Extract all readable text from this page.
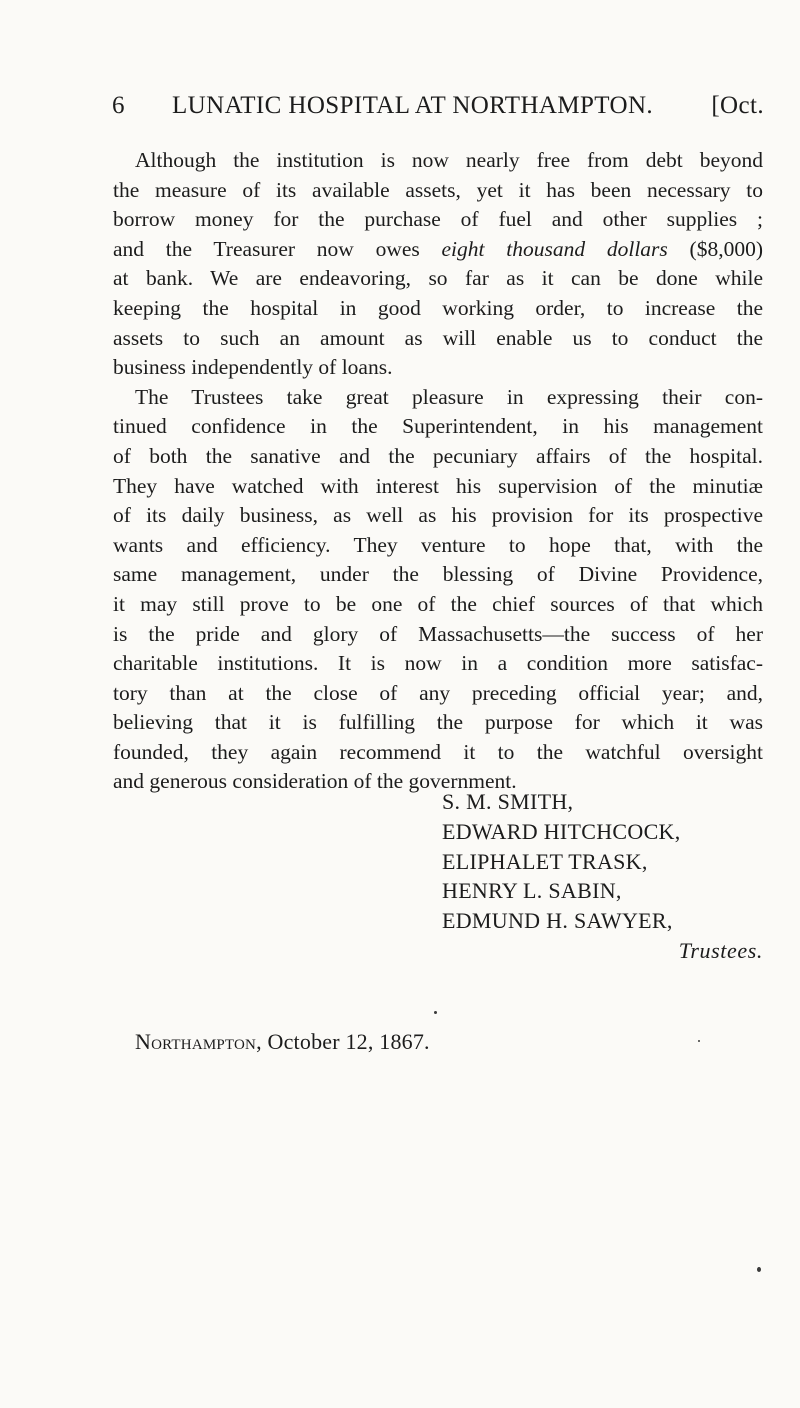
6 LUNATIC HOSPITAL AT NORTHAMPTON. [Oct.
Although the institution is now nearly free from debt beyond
the measure of its available assets, yet it has been necessary to
borrow money for the purchase of fuel and other supplies ;
and the Treasurer now owes eight thousand dollars ($8,000)
at bank. We are endeavoring, so far as it can be done while
keeping the hospital in good working order, to increase the
assets to such an amount as will enable us to conduct the
business independently of loans.
The Trustees take great pleasure in expressing their con-
tinued confidence in the Superintendent, in his management
of both the sanative and the pecuniary affairs of the hospital.
They have watched with interest his supervision of the minutiæ
of its daily business, as well as his provision for its prospective
wants and efficiency. They venture to hope that, with the
same management, under the blessing of Divine Providence,
it may still prove to be one of the chief sources of that which
is the pride and glory of Massachusetts—the success of her
charitable institutions. It is now in a condition more satisfac-
tory than at the close of any preceding official year; and,
believing that it is fulfilling the purpose for which it was
founded, they again recommend it to the watchful oversight
and generous consideration of the government.
S. M. SMITH,
EDWARD HITCHCOCK,
ELIPHALET TRASK,
HENRY L. SABIN,
EDMUND H. SAWYER,
Trustees.
Northampton, October 12, 1867.
